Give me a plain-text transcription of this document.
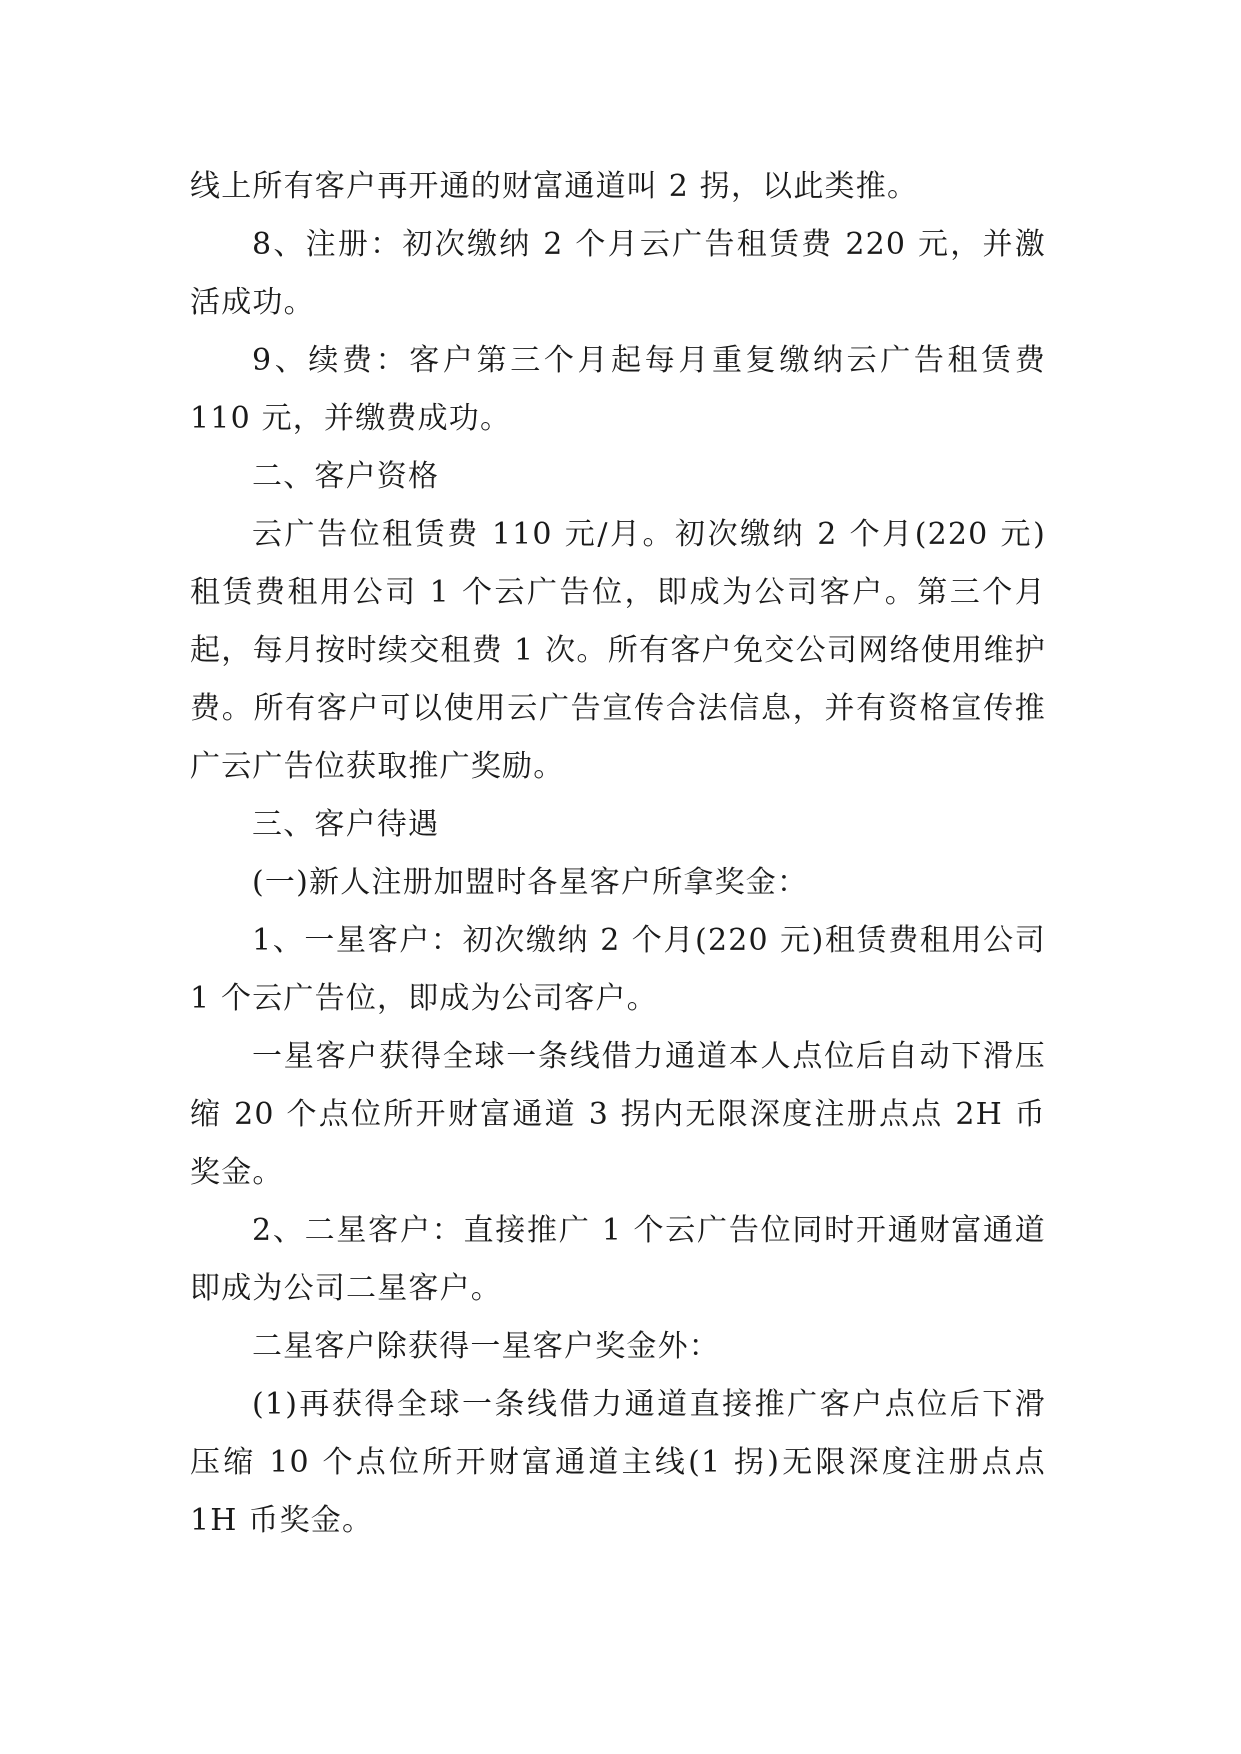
线上所有客户再开通的财富通道叫 2 拐，以此类推。

8、注册：初次缴纳 2 个月云广告租赁费 220 元，并激活成功。

9、续费：客户第三个月起每月重复缴纳云广告租赁费 110 元，并缴费成功。

二、客户资格

云广告位租赁费 110 元/月。初次缴纳 2 个月(220 元)租赁费租用公司 1 个云广告位，即成为公司客户。第三个月起，每月按时续交租费 1 次。所有客户免交公司网络使用维护费。所有客户可以使用云广告宣传合法信息，并有资格宣传推广云广告位获取推广奖励。

三、客户待遇

(一)新人注册加盟时各星客户所拿奖金：

1、一星客户：初次缴纳 2 个月(220 元)租赁费租用公司 1 个云广告位，即成为公司客户。

一星客户获得全球一条线借力通道本人点位后自动下滑压缩 20 个点位所开财富通道 3 拐内无限深度注册点点 2H 币奖金。

2、二星客户：直接推广 1 个云广告位同时开通财富通道即成为公司二星客户。

二星客户除获得一星客户奖金外：

(1)再获得全球一条线借力通道直接推广客户点位后下滑压缩 10 个点位所开财富通道主线(1 拐)无限深度注册点点 1H 币奖金。
